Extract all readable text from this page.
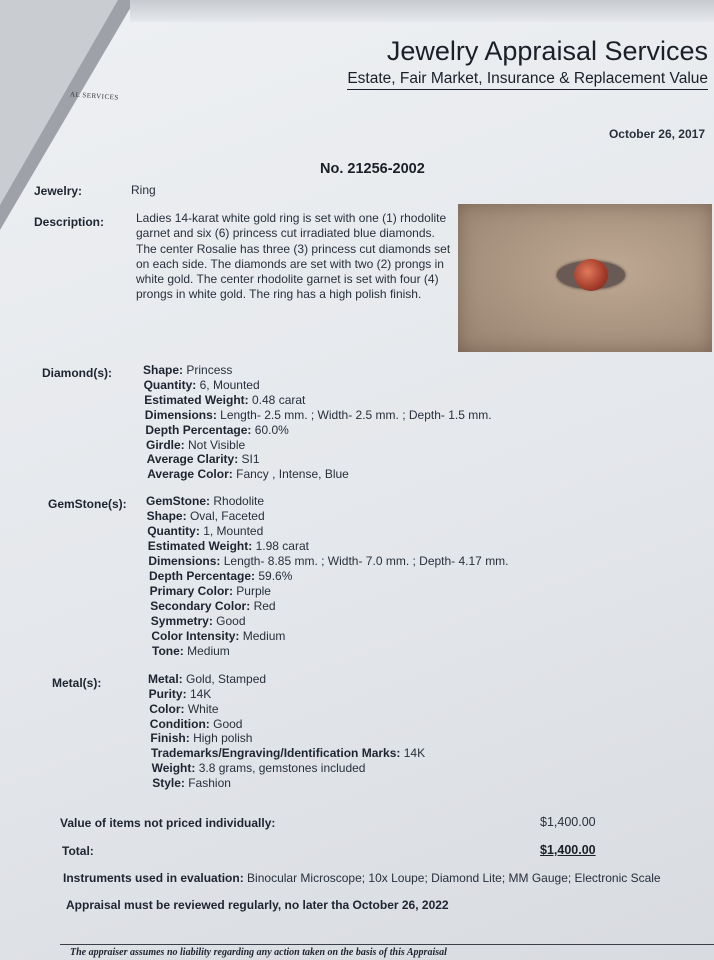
Jewelry Appraisal Services
Estate, Fair Market, Insurance & Replacement Value
AL SERVICES
October 26, 2017
No. 21256-2002
Jewelry:	Ring
Description:	Ladies 14-karat white gold ring is set with one (1) rhodolite garnet and six (6) princess cut irradiated blue diamonds. The center Rosalie has three (3) princess cut diamonds set on each side. The diamonds are set with two (2) prongs in white gold. The center rhodolite garnet is set with four (4) prongs in white gold. The ring has a high polish finish.
Diamond(s):	Shape: Princess
Quantity: 6, Mounted
Estimated Weight: 0.48 carat
Dimensions: Length- 2.5 mm. ; Width- 2.5 mm. ; Depth- 1.5 mm.
Depth Percentage: 60.0%
Girdle: Not Visible
Average Clarity: SI1
Average Color: Fancy , Intense, Blue
GemStone(s): GemStone: Rhodolite
Shape: Oval, Faceted
Quantity: 1, Mounted
Estimated Weight: 1.98 carat
Dimensions: Length- 8.85 mm. ; Width- 7.0 mm. ; Depth- 4.17 mm.
Depth Percentage: 59.6%
Primary Color: Purple
Secondary Color: Red
Symmetry: Good
Color Intensity: Medium
Tone: Medium
Metal(s):	Metal: Gold, Stamped
Purity: 14K
Color: White
Condition: Good
Finish: High polish
Trademarks/Engraving/Identification Marks: 14K
Weight: 3.8 grams, gemstones included
Style: Fashion
Value of items not priced individually:	$1,400.00
Total:	$1,400.00
Instruments used in evaluation: Binocular Microscope; 10x Loupe; Diamond Lite; MM Gauge; Electronic Scale
Appraisal must be reviewed regularly, no later tha October 26, 2022
The appraiser assumes no liability regarding any action taken on the basis of this Appraisal
